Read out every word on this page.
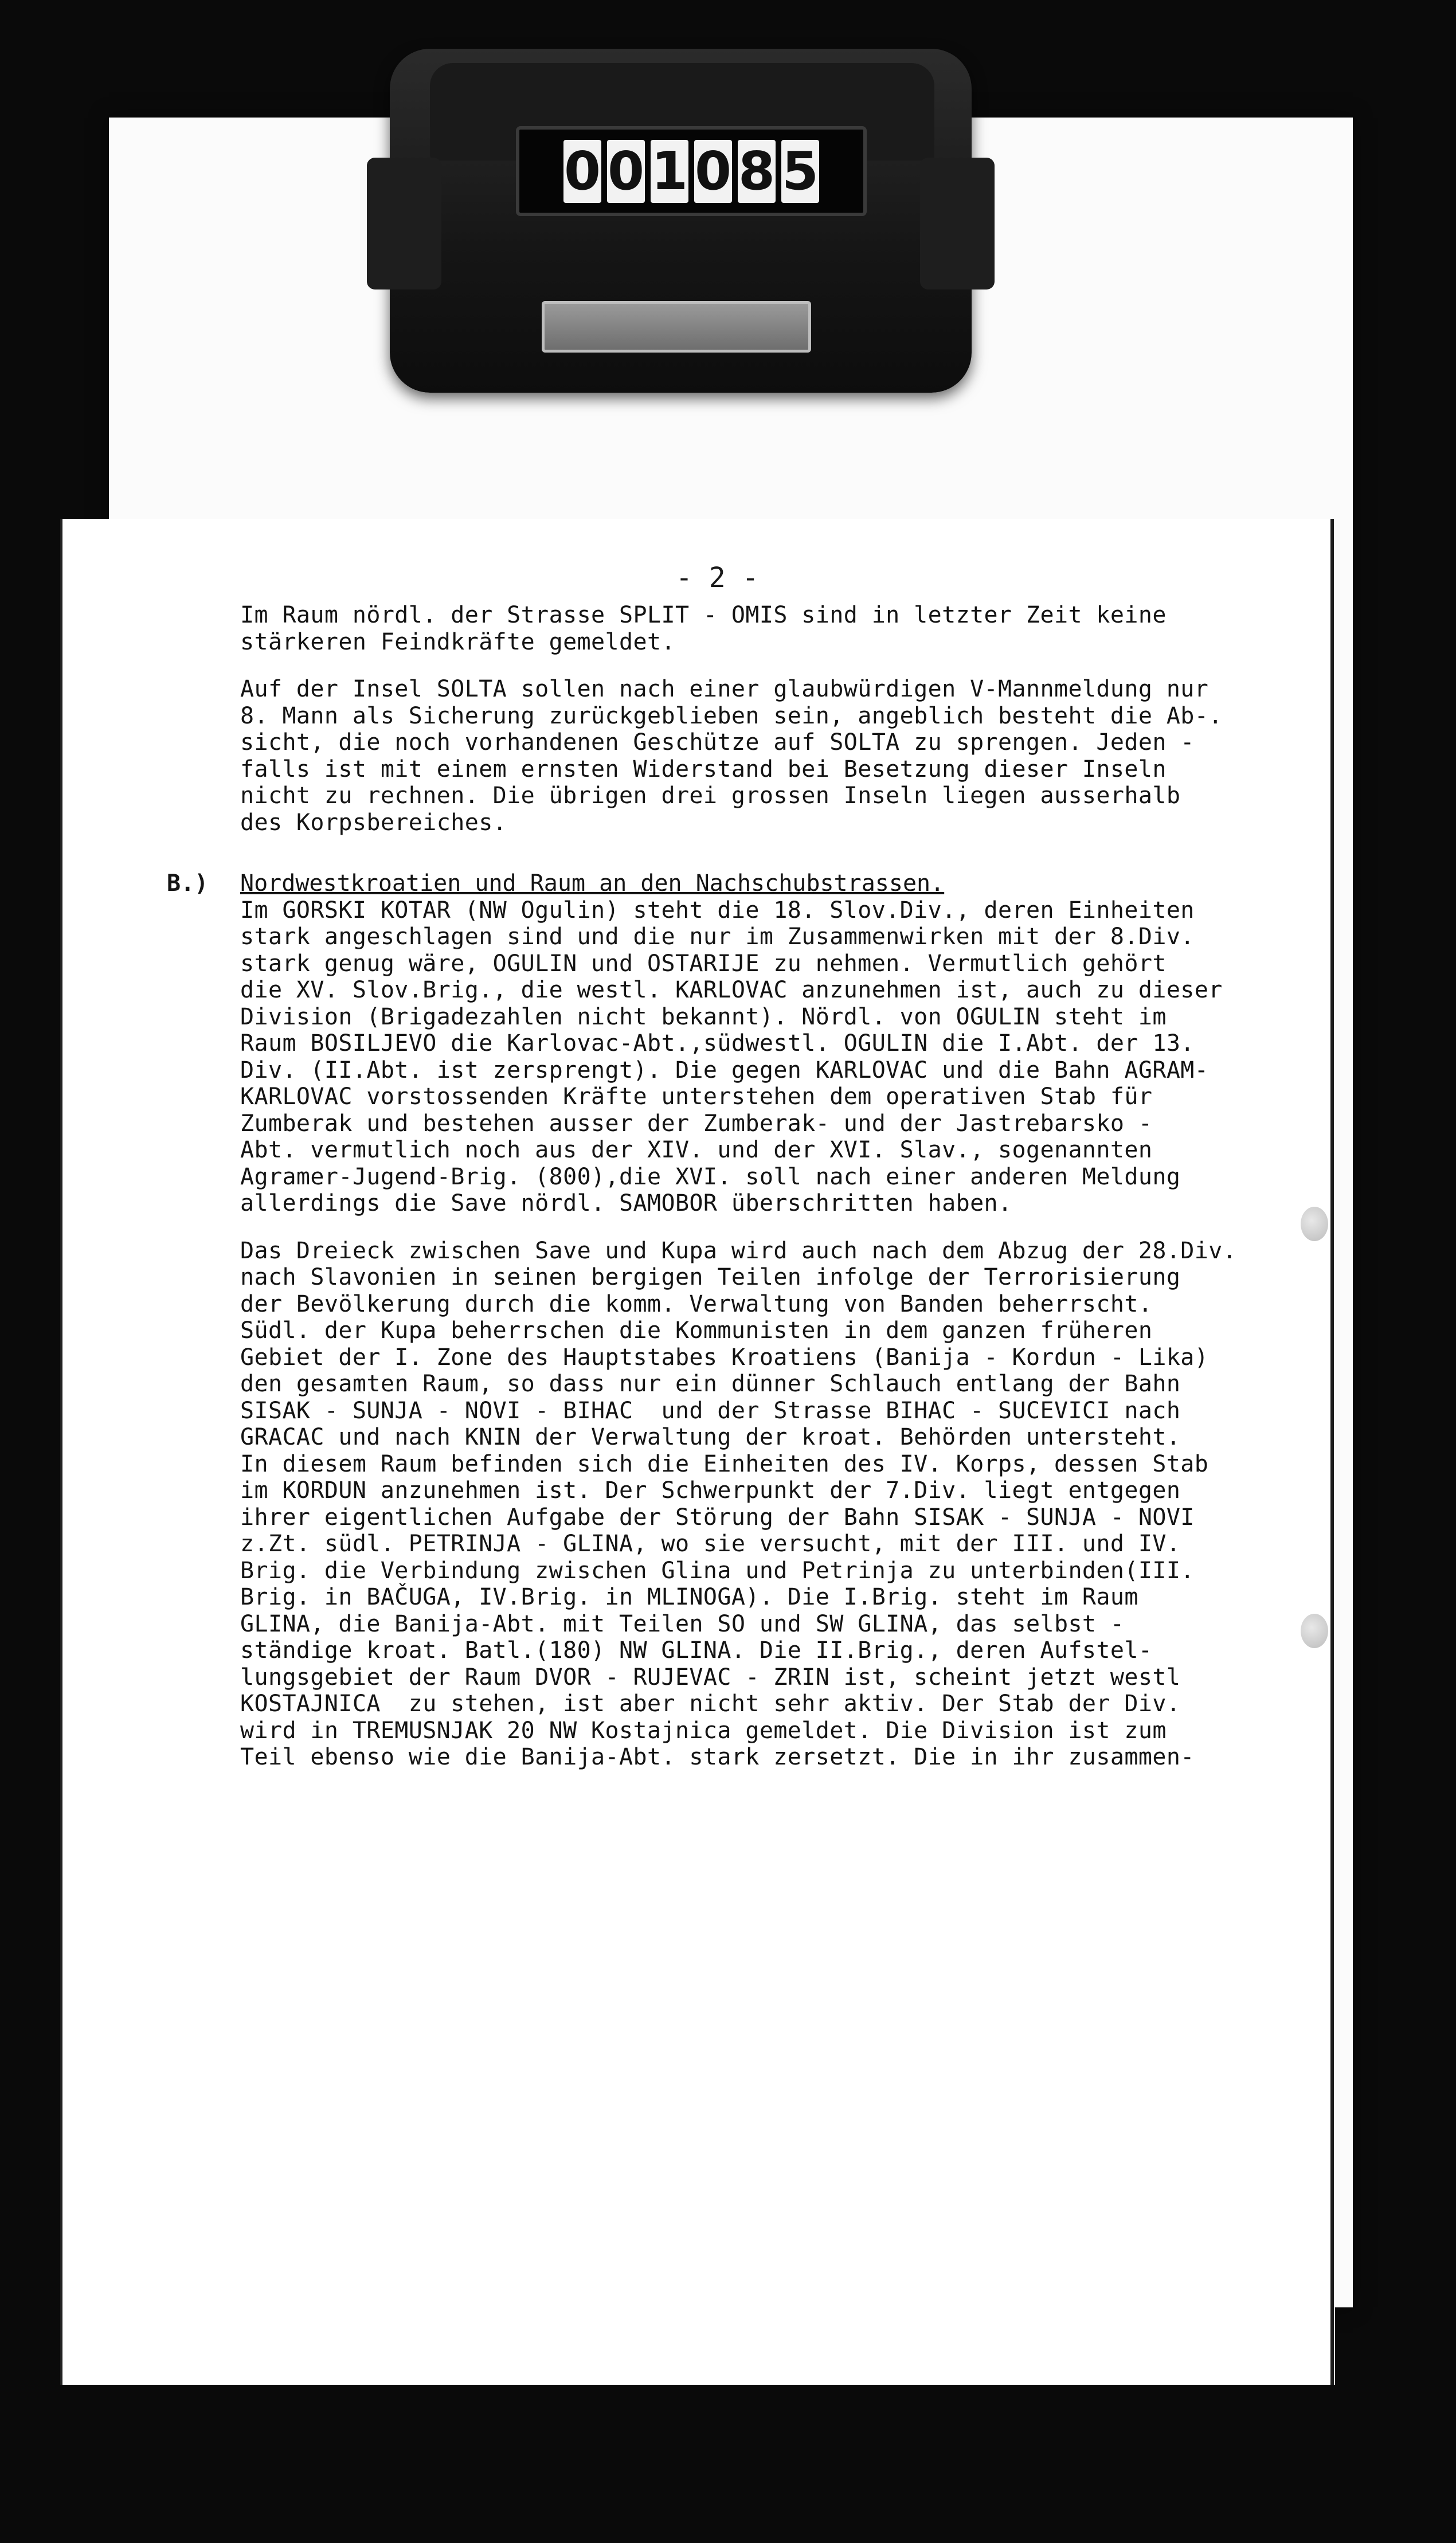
0 0 1 0 8 5
- 2 -
Im Raum nördl. der Strasse SPLIT - OMIS sind in letzter Zeit keine
stärkeren Feindkräfte gemeldet.
Auf der Insel SOLTA sollen nach einer glaubwürdigen V-Mannmeldung nur
8. Mann als Sicherung zurückgeblieben sein, angeblich besteht die Ab-.
sicht, die noch vorhandenen Geschütze auf SOLTA zu sprengen. Jeden -
falls ist mit einem ernsten Widerstand bei Besetzung dieser Inseln
nicht zu rechnen. Die übrigen drei grossen Inseln liegen ausserhalb
des Korpsbereiches.
B.) Nordwestkroatien und Raum an den Nachschubstrassen.
Im GORSKI KOTAR (NW Ogulin) steht die 18. Slov.Div., deren Einheiten
stark angeschlagen sind und die nur im Zusammenwirken mit der 8.Div.
stark genug wäre, OGULIN und OSTARIJE zu nehmen. Vermutlich gehört
die XV. Slov.Brig., die westl. KARLOVAC anzunehmen ist, auch zu dieser
Division (Brigadezahlen nicht bekannt). Nördl. von OGULIN steht im
Raum BOSILJEVO die Karlovac-Abt.,südwestl. OGULIN die I.Abt. der 13.
Div. (II.Abt. ist zersprengt). Die gegen KARLOVAC und die Bahn AGRAM-
KARLOVAC vorstossenden Kräfte unterstehen dem operativen Stab für
Zumberak und bestehen ausser der Zumberak- und der Jastrebarsko -
Abt. vermutlich noch aus der XIV. und der XVI. Slav., sogenannten
Agramer-Jugend-Brig. (800),die XVI. soll nach einer anderen Meldung
allerdings die Save nördl. SAMOBOR überschritten haben.
Das Dreieck zwischen Save und Kupa wird auch nach dem Abzug der 28.Div.
nach Slavonien in seinen bergigen Teilen infolge der Terrorisierung
der Bevölkerung durch die komm. Verwaltung von Banden beherrscht.
Südl. der Kupa beherrschen die Kommunisten in dem ganzen früheren
Gebiet der I. Zone des Hauptstabes Kroatiens (Banija - Kordun - Lika)
den gesamten Raum, so dass nur ein dünner Schlauch entlang der Bahn
SISAK - SUNJA - NOVI - BIHAC  und der Strasse BIHAC - SUCEVICI nach
GRACAC und nach KNIN der Verwaltung der kroat. Behörden untersteht.
In diesem Raum befinden sich die Einheiten des IV. Korps, dessen Stab
im KORDUN anzunehmen ist. Der Schwerpunkt der 7.Div. liegt entgegen
ihrer eigentlichen Aufgabe der Störung der Bahn SISAK - SUNJA - NOVI
z.Zt. südl. PETRINJA - GLINA, wo sie versucht, mit der III. und IV.
Brig. die Verbindung zwischen Glina und Petrinja zu unterbinden(III.
Brig. in BAČUGA, IV.Brig. in MLINOGA). Die I.Brig. steht im Raum
GLINA, die Banija-Abt. mit Teilen SO und SW GLINA, das selbst -
ständige kroat. Batl.(180) NW GLINA. Die II.Brig., deren Aufstel-
lungsgebiet der Raum DVOR - RUJEVAC - ZRIN ist, scheint jetzt westl
KOSTAJNICA  zu stehen, ist aber nicht sehr aktiv. Der Stab der Div.
wird in TREMUSNJAK 20 NW Kostajnica gemeldet. Die Division ist zum
Teil ebenso wie die Banija-Abt. stark zersetzt. Die in ihr zusammen-
